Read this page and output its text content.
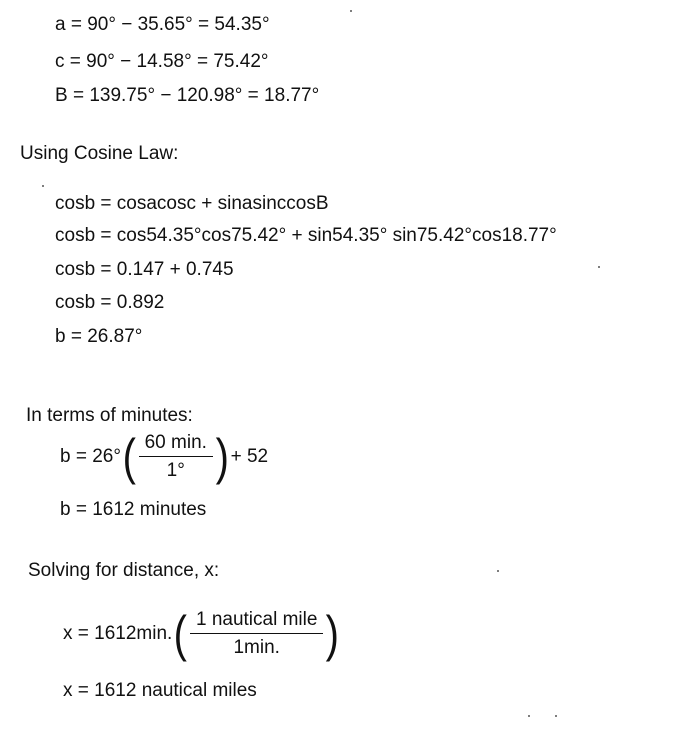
a = 90° − 35.65° = 54.35°
c = 90° − 14.58° = 75.42°
B = 139.75° − 120.98° = 18.77°
Using Cosine Law:
cosb = cosacosc + sinasinccosB
cosb = cos54.35°cos75.42° + sin54.35° sin75.42°cos18.77°
cosb = 0.147 + 0.745
cosb = 0.892
b = 26.87°
In terms of minutes:
b = 26° ( $\frac{60 \min.}{1^\circ}$ ) + 52
b = 1612 minutes
Solving for distance, x:
x = 1612min. ( $\frac{\text{1 nautical mile}}{1\min.}$ )
x = 1612 nautical miles
